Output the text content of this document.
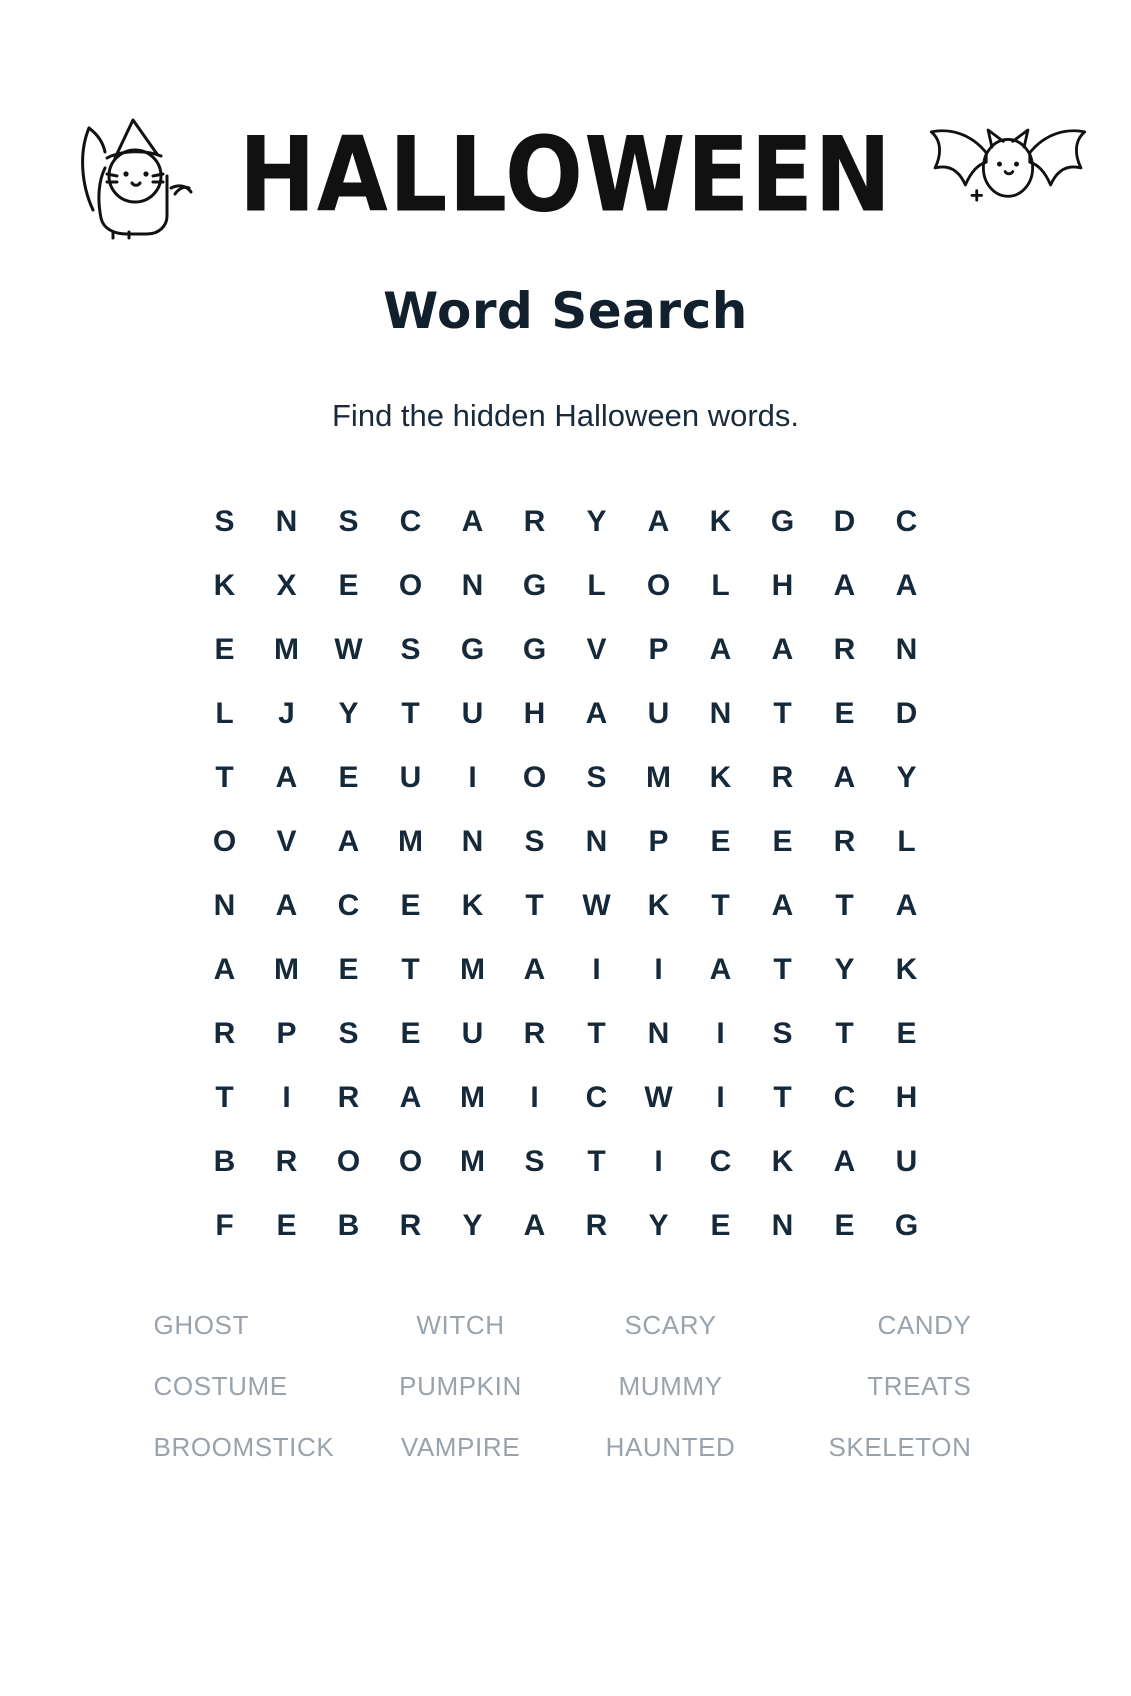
HALLOWEEN
Word Search
Find the hidden Halloween words.
S N S C A R Y A K G D C
K X E O N G L O L H A A
E M W S G G V P A A R N
L J Y T U H A U N T E D
T A E U I O S M K R A Y
O V A M N S N P E E R L
N A C E K T W K T A T A
A M E T M A I I A T Y K
R P S E U R T N I S T E
T I R A M I C W I T C H
B R O O M S T I C K A U
F E B R Y A R Y E N E G
GHOST	WITCH	SCARY	CANDY
COSTUME	PUMPKIN	MUMMY	TREATS
BROOMSTICK	VAMPIRE	HAUNTED	SKELETON
